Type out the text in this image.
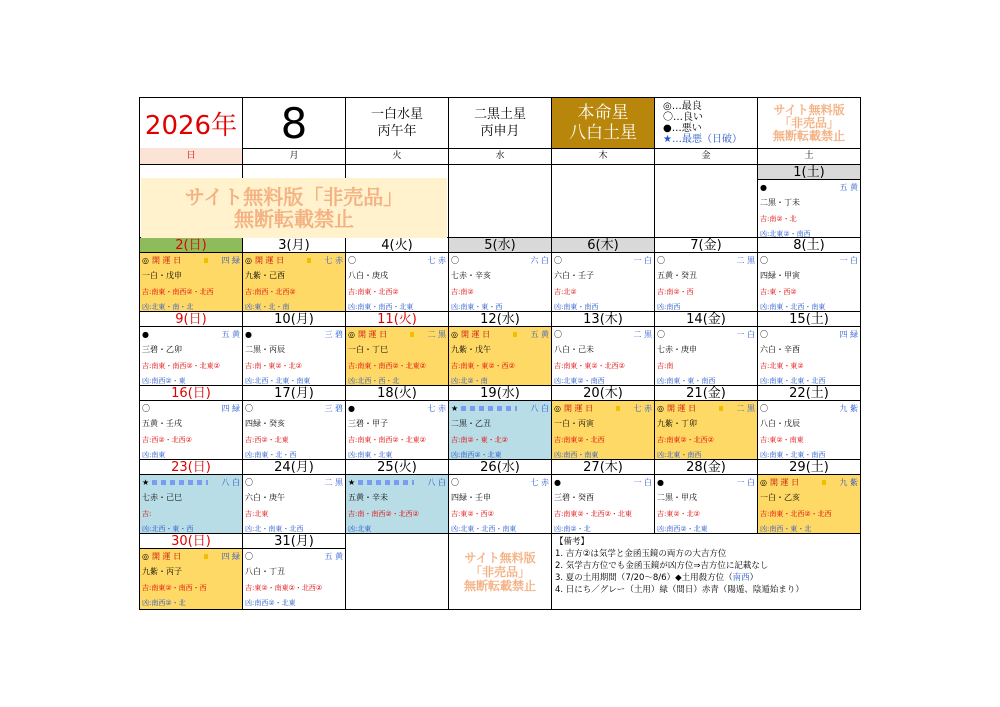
2026年 8	一白水星
丙午年
二黒土星
丙申月
本命星
八白土星
◎…最良
〇…良い
●…悪い
★…最悪（日破）
サイト無料版
「非売品」
無断転載禁止
日	月	火	水	木	金	土
1(土)
●	五 黄
二黒・丁未
吉:南②・北
凶:北東②・南西
2(日)
◎ 開 運 日	四 緑
一白・戊申
吉:南東・南西②・北西
凶:北東・南・北
3(月)
◎ 開 運 日	七 赤
九紫・己酉
吉:南西・北西②
凶:東・北・南
4(火)
〇	七 赤
八白・庚戌
吉:南東・北西②
凶:南東・南西・北東
5(水)
〇	六 白
七赤・辛亥
吉:南②
凶:南東・東・西
6(木)
〇	一 白
六白・壬子
吉:北②
凶:南東・南西
7(金)
〇	二 黒
五黄・癸丑
吉:南②・西
凶:南西
8(土)
〇	一 白
四緑・甲寅
吉:東・西②
凶:南東・北西・南東
9(日)
●	五 黄
三碧・乙卯
吉:南東・南西②・北東②
凶:南西②・東
10(月)
●	三 碧
二黒・丙辰
吉:南・東②・北②
凶:北西・北東・南東
11(火)
◎ 開 運 日	二 黒
一白・丁巳
吉:南東・南西②・北東②
凶:北西・西・北
12(水)
◎ 開 運 日	五 黄
九紫・戊午
吉:南東・東②・西②
凶:北②・南
13(木)
〇	二 黒
八白・己未
吉:南東・東②・北西②
凶:北東②・南西
14(金)
〇	一 白
七赤・庚申
吉:南
凶:南東・東・南西
15(土)
〇	四 緑
六白・辛酉
吉:北東・東②
凶:南東・北東・北西
16(日)
〇	四 緑
五黄・壬戌
吉:西②・北西②
凶:南東
17(月)
〇	三 碧
四緑・癸亥
吉:西②・北東
凶:南東・北・西
18(火)
●	七 赤
三碧・甲子
吉:南東・南西②・北東②
凶:南東・北東
19(水)
★	八 白
二黒・乙丑
吉:南②・東・北②
凶:南西②・北東
20(木)
◎ 開 運 日	七 赤
一白・丙寅
吉:南東②・北西
凶:南西・南東
21(金)
◎ 開 運 日	二 黒
九紫・丁卯
吉:南東②・北西②
凶:北東・南西
22(土)
〇	九 紫
八白・戊辰
吉:東②・南東
凶:南東・北東・南西
23(日)
★	八 白
七赤・己巳
吉:
凶:北西・東・西
24(月)
〇	二 黒
六白・庚午
吉:北東
凶:北・南東・北西
25(火)
★	八 白
五黄・辛未
吉:南・南西②・北西②
凶:北東
26(水)
〇	七 赤
四緑・壬申
吉:東②・西②
凶:北東・北西・南東
27(木)
●	一 白
三碧・癸酉
吉:南東②・北西②・北東
凶:南②・北
28(金)
●	一 白
二黒・甲戌
吉:東②・北②
凶:南西②・北東
29(土)
◎ 開 運 日	九 紫
一白・乙亥
吉:南東・北西②・北西
凶:南西・東・北
30(日)
◎ 開 運 日	四 緑
九紫・丙子
吉:南東②・南西・西
凶:南西②・北
31(月)
〇	五 黄
八白・丁丑
吉:東②・南東②・北西②
凶:南西②・北東
サイト無料版「非売品」
無断転載禁止
サイト無料版
「非売品」
無断転載禁止
【備考】
1. 吉方②は気学と金函玉鏡の両方の大吉方位
2. 気学吉方位でも金函玉鏡が凶方位⇒吉方位に記載なし
3. 夏の土用期間（7/20～8/6）◆土用殺方位（南西）
4. 日にち／グレー（土用）緑（間日）赤青（陽遁、陰遁始まり）
